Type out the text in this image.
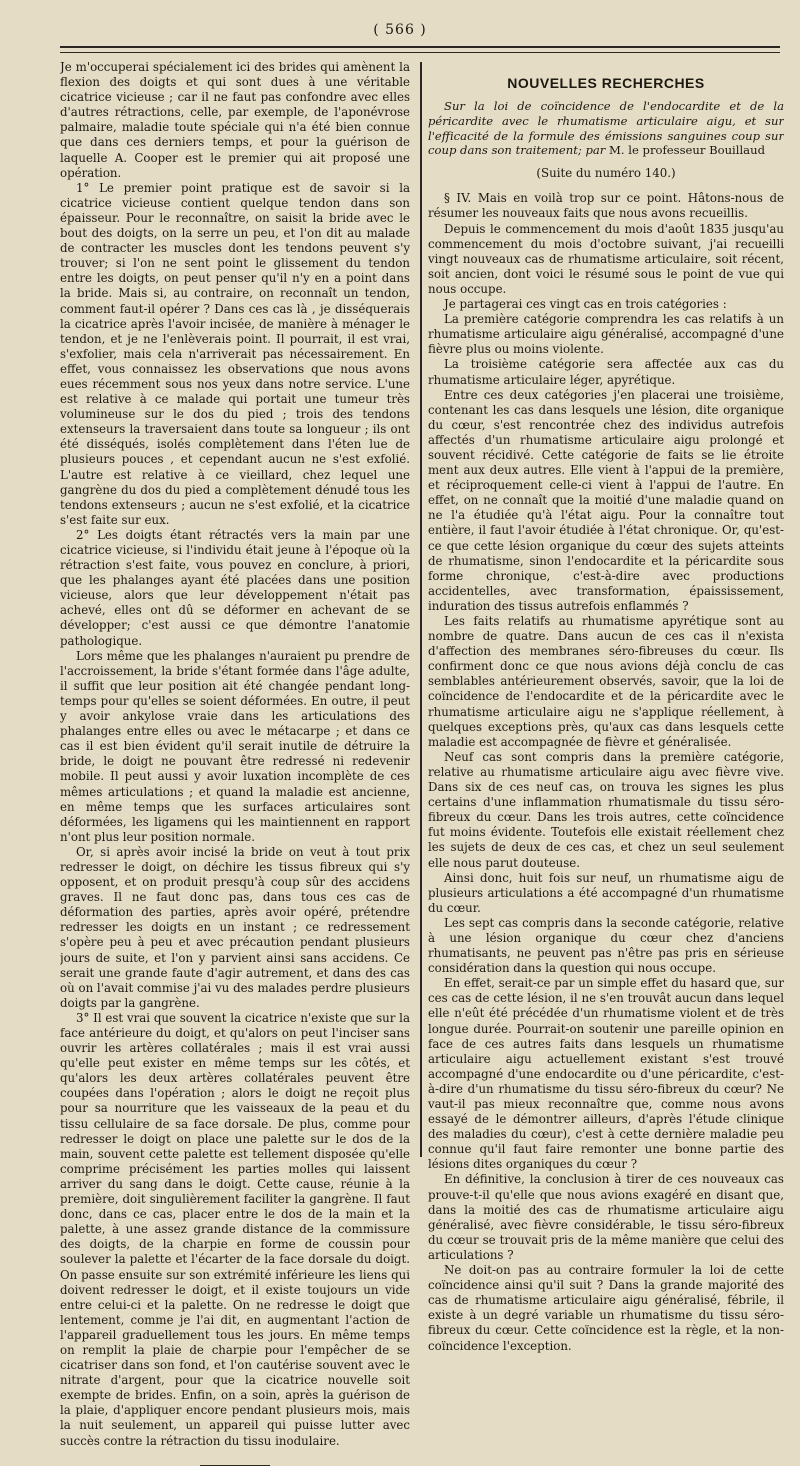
( 566 )

Je m'occuperai spécialement ici des brides qui amènent la flexion des doigts et qui sont dues à une véritable cicatrice vicieuse ; car il ne faut pas confondre avec elles d'autres rétractions, celle, par exemple, de l'aponévrose palmaire, maladie toute spéciale qui n'a été bien connue que dans ces derniers temps, et pour la guérison de laquelle A. Cooper est le premier qui ait proposé une opération.

1° Le premier point pratique est de savoir si la cicatrice vicieuse contient quelque tendon dans son épaisseur. Pour le reconnaître, on saisit la bride avec le bout des doigts, on la serre un peu, et l'on dit au malade de contracter les muscles dont les tendons peuvent s'y trouver; si l'on ne sent point le glissement du tendon entre les doigts, on peut penser qu'il n'y en a point dans la bride. Mais si, au contraire, on reconnaît un tendon, comment faut-il opérer ? Dans ces cas là , je disséquerais la cicatrice après l'avoir incisée, de manière à ménager le tendon, et je ne l'enlèverais point. Il pourrait, il est vrai, s'exfolier, mais cela n'arriverait pas nécessairement. En effet, vous connaissez les observations que nous avons eues récemment sous nos yeux dans notre service. L'une est relative à ce malade qui portait une tumeur très volumineuse sur le dos du pied ; trois des tendons extenseurs la traversaient dans toute sa longueur ; ils ont été disséqués, isolés complètement dans l'éten lue de plusieurs pouces , et cependant aucun ne s'est exfolié. L'autre est relative à ce vieillard, chez lequel une gangrène du dos du pied a complètement dénudé tous les tendons extenseurs ; aucun ne s'est exfolié, et la cicatrice s'est faite sur eux.

2° Les doigts étant rétractés vers la main par une cicatrice vicieuse, si l'individu était jeune à l'époque où la rétraction s'est faite, vous pouvez en conclure, à priori, que les phalanges ayant été placées dans une position vicieuse, alors que leur développement n'était pas achevé, elles ont dû se déformer en achevant de se développer; c'est aussi ce que démontre l'anatomie pathologique.

Lors même que les phalanges n'auraient pu prendre de l'accroissement, la bride s'étant formée dans l'âge adulte, il suffit que leur position ait été changée pendant long-temps pour qu'elles se soient déformées. En outre, il peut y avoir ankylose vraie dans les articulations des phalanges entre elles ou avec le métacarpe ; et dans ce cas il est bien évident qu'il serait inutile de détruire la bride, le doigt ne pouvant être redressé ni redevenir mobile. Il peut aussi y avoir luxation incomplète de ces mêmes articulations ; et quand la maladie est ancienne, en même temps que les surfaces articulaires sont déformées, les ligamens qui les maintiennent en rapport n'ont plus leur position normale.

Or, si après avoir incisé la bride on veut à tout prix redresser le doigt, on déchire les tissus fibreux qui s'y opposent, et on produit presqu'à coup sûr des accidens graves. Il ne faut donc pas, dans tous ces cas de déformation des parties, après avoir opéré, prétendre redresser les doigts en un instant ; ce redressement s'opère peu à peu et avec précaution pendant plusieurs jours de suite, et l'on y parvient ainsi sans accidens. Ce serait une grande faute d'agir autrement, et dans des cas où on l'avait commise j'ai vu des malades perdre plusieurs doigts par la gangrène.

3° Il est vrai que souvent la cicatrice n'existe que sur la face antérieure du doigt, et qu'alors on peut l'inciser sans ouvrir les artères collatérales ; mais il est vrai aussi qu'elle peut exister en même temps sur les côtés, et qu'alors les deux artères collatérales peuvent être coupées dans l'opération ; alors le doigt ne reçoit plus pour sa nourriture que les vaisseaux de la peau et du tissu cellulaire de sa face dorsale. De plus, comme pour redresser le doigt on place une palette sur le dos de la main, souvent cette palette est tellement disposée qu'elle comprime précisément les parties molles qui laissent arriver du sang dans le doigt. Cette cause, réunie à la première, doit singulièrement faciliter la gangrène. Il faut donc, dans ce cas, placer entre le dos de la main et la palette, à une assez grande distance de la commissure des doigts, de la charpie en forme de coussin pour soulever la palette et l'écarter de la face dorsale du doigt. On passe ensuite sur son extrémité inférieure les liens qui doivent redresser le doigt, et il existe toujours un vide entre celui-ci et la palette. On ne redresse le doigt que lentement, comme je l'ai dit, en augmentant l'action de l'appareil graduellement tous les jours. En même temps on remplit la plaie de charpie pour l'empêcher de se cicatriser dans son fond, et l'on cautérise souvent avec le nitrate d'argent, pour que la cicatrice nouvelle soit exempte de brides. Enfin, on a soin, après la guérison de la plaie, d'appliquer encore pendant plusieurs mois, mais la nuit seulement, un appareil qui puisse lutter avec succès contre la rétraction du tissu inodulaire.

NOUVELLES RECHERCHES

Sur la loi de coïncidence de l'endocardite et de la péricardite avec le rhumatisme articulaire aigu, et sur l'efficacité de la formule des émissions sanguines coup sur coup dans son traitement; par M. le professeur Bouillaud

(Suite du numéro 140.)

§ IV. Mais en voilà trop sur ce point. Hâtons-nous de résumer les nouveaux faits que nous avons recueillis.

Depuis le commencement du mois d'août 1835 jusqu'au commencement du mois d'octobre suivant, j'ai recueilli vingt nouveaux cas de rhumatisme articulaire, soit récent, soit ancien, dont voici le résumé sous le point de vue qui nous occupe.

Je partagerai ces vingt cas en trois catégories :

La première catégorie comprendra les cas relatifs à un rhumatisme articulaire aigu généralisé, accompagné d'une fièvre plus ou moins violente.

La troisième catégorie sera affectée aux cas du rhumatisme articulaire léger, apyrétique.

Entre ces deux catégories j'en placerai une troisième, contenant les cas dans lesquels une lésion, dite organique du cœur, s'est rencontrée chez des individus autrefois affectés d'un rhumatisme articulaire aigu prolongé et souvent récidivé. Cette catégorie de faits se lie étroite ment aux deux autres. Elle vient à l'appui de la première, et réciproquement celle-ci vient à l'appui de l'autre. En effet, on ne connaît que la moitié d'une maladie quand on ne l'a étudiée qu'à l'état aigu. Pour la connaître tout entière, il faut l'avoir étudiée à l'état chronique. Or, qu'est-ce que cette lésion organique du cœur des sujets atteints de rhumatisme, sinon l'endocardite et la péricardite sous forme chronique, c'est-à-dire avec productions accidentelles, avec transformation, épaississement, induration des tissus autrefois enflammés ?

Les faits relatifs au rhumatisme apyrétique sont au nombre de quatre. Dans aucun de ces cas il n'exista d'affection des membranes séro-fibreuses du cœur. Ils confirment donc ce que nous avions déjà conclu de cas semblables antérieurement observés, savoir, que la loi de coïncidence de l'endocardite et de la péricardite avec le rhumatisme articulaire aigu ne s'applique réellement, à quelques exceptions près, qu'aux cas dans lesquels cette maladie est accompagnée de fièvre et généralisée.

Neuf cas sont compris dans la première catégorie, relative au rhumatisme articulaire aigu avec fièvre vive. Dans six de ces neuf cas, on trouva les signes les plus certains d'une inflammation rhumatismale du tissu séro-fibreux du cœur. Dans les trois autres, cette coïncidence fut moins évidente. Toutefois elle existait réellement chez les sujets de deux de ces cas, et chez un seul seulement elle nous parut douteuse.

Ainsi donc, huit fois sur neuf, un rhumatisme aigu de plusieurs articulations a été accompagné d'un rhumatisme du cœur.

Les sept cas compris dans la seconde catégorie, relative à une lésion organique du cœur chez d'anciens rhumatisants, ne peuvent pas n'être pas pris en sérieuse considération dans la question qui nous occupe.

En effet, serait-ce par un simple effet du hasard que, sur ces cas de cette lésion, il ne s'en trouvât aucun dans lequel elle n'eût été précédée d'un rhumatisme violent et de très longue durée. Pourrait-on soutenir une pareille opinion en face de ces autres faits dans lesquels un rhumatisme articulaire aigu actuellement existant s'est trouvé accompagné d'une endocardite ou d'une péricardite, c'est-à-dire d'un rhumatisme du tissu séro-fibreux du cœur? Ne vaut-il pas mieux reconnaître que, comme nous avons essayé de le démontrer ailleurs, d'après l'étude clinique des maladies du cœur), c'est à cette dernière maladie peu connue qu'il faut faire remonter une bonne partie des lésions dites organiques du cœur ?

En définitive, la conclusion à tirer de ces nouveaux cas prouve-t-il qu'elle que nous avions exagéré en disant que, dans la moitié des cas de rhumatisme articulaire aigu généralisé, avec fièvre considérable, le tissu séro-fibreux du cœur se trouvait pris de la même manière que celui des articulations ?

Ne doit-on pas au contraire formuler la loi de cette coïncidence ainsi qu'il suit ? Dans la grande majorité des cas de rhumatisme articulaire aigu généralisé, fébrile, il existe à un degré variable un rhumatisme du tissu séro-fibreux du cœur. Cette coïncidence est la règle, et la non-coïncidence l'exception.
